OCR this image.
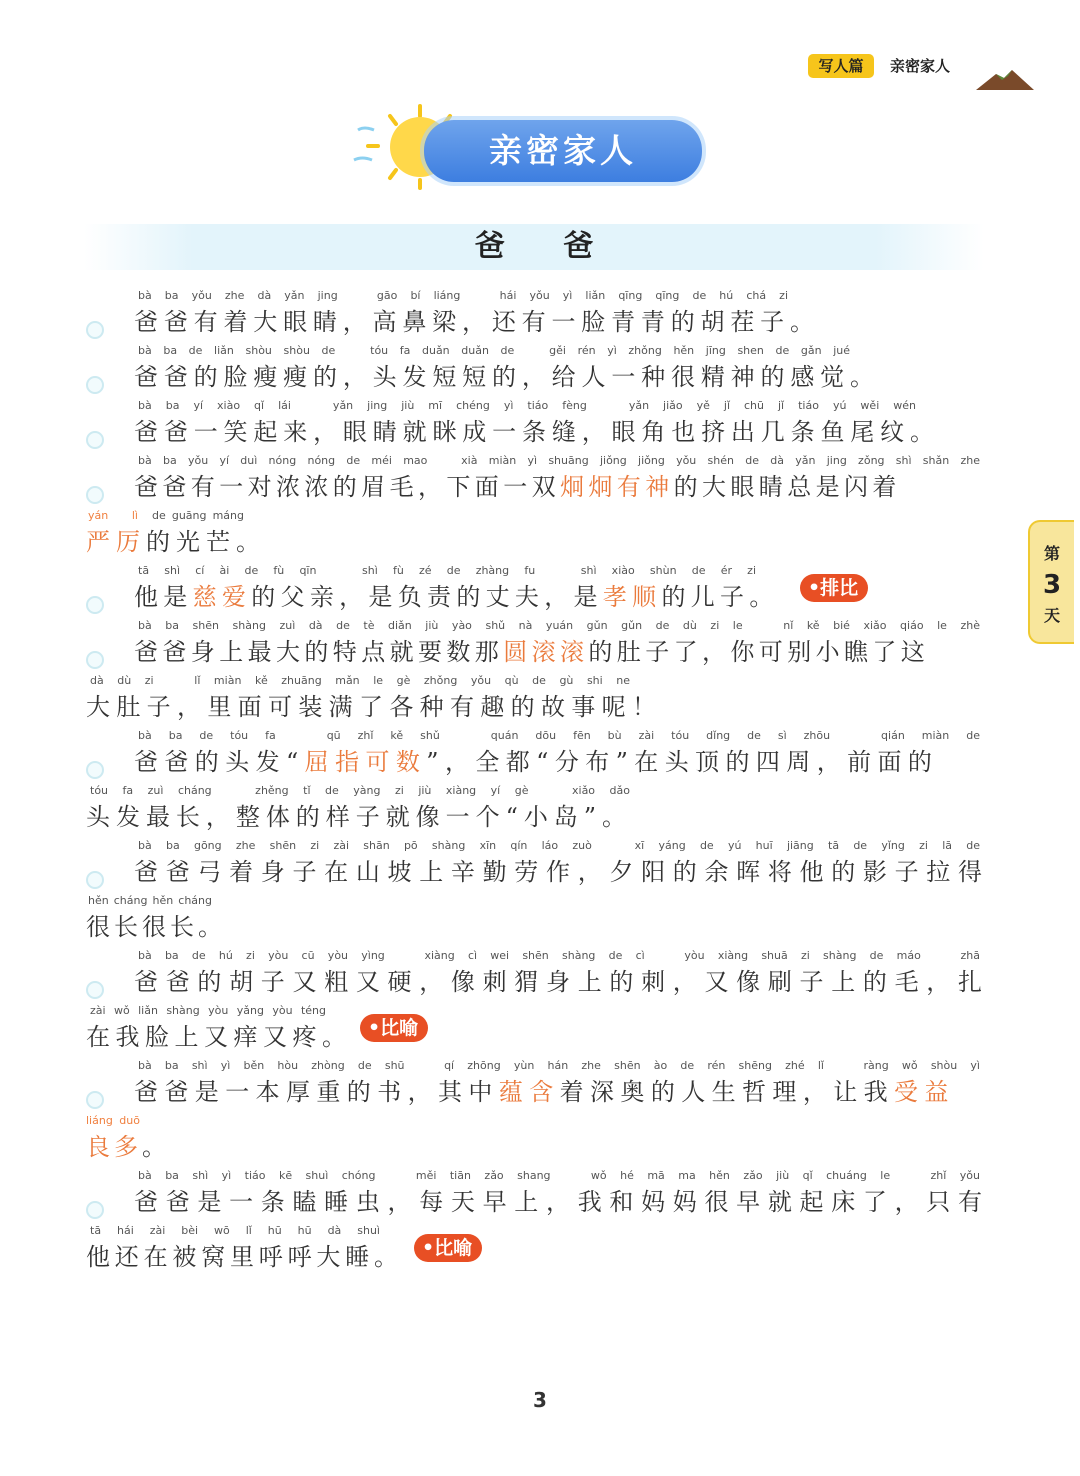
写人篇	亲密家人
亲密家人
爸 爸
第
3
天
bà ba yǒu zhe dà yǎn jing   gāo bí liáng   hái yǒu yì liǎn qīng qīng de hú chá zi
爸爸有着大眼睛，高鼻梁，还有一脸青青的胡茬子。
bà ba de liǎn shòu shòu de   tóu fa duǎn duǎn de   gěi rén yì zhǒng hěn jīng shen de gǎn jué
爸爸的脸瘦瘦的，头发短短的，给人一种很精神的感觉。
bà ba yí xiào qǐ lái   yǎn jing jiù mī chéng yì tiáo fèng   yǎn jiǎo yě jǐ chū jǐ tiáo yú wěi wén
爸爸一笑起来，眼睛就眯成一条缝，眼角也挤出几条鱼尾纹。
bà ba yǒu yí duì nóng nóng de méi mao   xià miàn yì shuāng jiǒng jiǒng yǒu shén de dà yǎn jing zǒng shì shǎn zhe
爸爸有一对浓浓的眉毛，下面一双炯炯有神的大眼睛总是闪着
yán lì de guāng máng
严厉的光芒。
tā shì cí ài de fù qīn   shì fù zé de zhàng fu   shì xiào shùn de ér zi
他是慈爱的父亲，是负责的丈夫，是孝顺的儿子。	•排比
bà ba shēn shàng zuì dà de tè diǎn jiù yào shǔ nà yuán gǔn gǔn de dù zi le   nǐ kě bié xiǎo qiáo le zhè
爸爸身上最大的特点就要数那圆滚滚的肚子了，你可别小瞧了这
dà dù zi   lǐ miàn kě zhuāng mǎn le gè zhǒng yǒu qù de gù shi ne
大肚子，里面可装满了各种有趣的故事呢！
bà ba de tóu fa   qū zhǐ kě shǔ   quán dōu fēn bù zài tóu dǐng de sì zhōu   qián miàn de
爸爸的头发“屈指可数”，全都“分布”在头顶的四周，前面的
tóu fa zuì cháng   zhěng tǐ de yàng zi jiù xiàng yí gè   xiǎo dǎo
头发最长，整体的样子就像一个“小岛”。
bà ba gōng zhe shēn zi zài shān pō shàng xīn qín láo zuò   xī yáng de yú huī jiāng tā de yǐng zi lā de
爸爸弓着身子在山坡上辛勤劳作，夕阳的余晖将他的影子拉得
hěn cháng hěn cháng
很长很长。
bà ba de hú zi yòu cū yòu yìng   xiàng cì wei shēn shàng de cì   yòu xiàng shuā zi shàng de máo   zhā
爸爸的胡子又粗又硬，像刺猬身上的刺，又像刷子上的毛，扎
zài wǒ liǎn shàng yòu yǎng yòu téng
在我脸上又痒又疼。	•比喻
bà ba shì yì běn hòu zhòng de shū   qí zhōng yùn hán zhe shēn ào de rén shēng zhé lǐ   ràng wǒ shòu yì
爸爸是一本厚重的书，其中蕴含着深奥的人生哲理，让我受益
liáng duō
良多。
bà ba shì yì tiáo kē shuì chóng   měi tiān zǎo shang   wǒ hé mā ma hěn zǎo jiù qǐ chuáng le   zhǐ yǒu
爸爸是一条瞌睡虫，每天早上，我和妈妈很早就起床了，只有
tā hái zài bèi wō lǐ hū hū dà shuì
他还在被窝里呼呼大睡。	•比喻
3
